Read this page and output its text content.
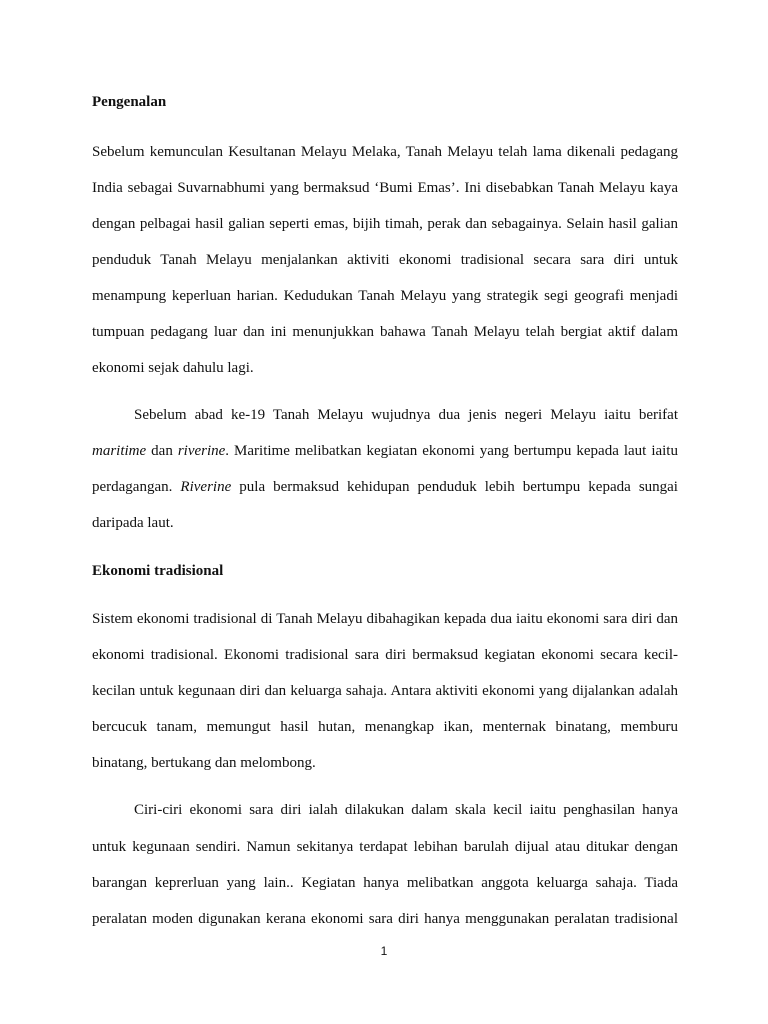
Pengenalan

Sebelum kemunculan Kesultanan Melayu Melaka, Tanah Melayu telah lama dikenali pedagang

India sebagai Suvarnabhumi yang bermaksud ‘Bumi Emas’. Ini disebabkan Tanah Melayu kaya

dengan pelbagai hasil galian seperti emas, bijih timah, perak dan sebagainya. Selain hasil galian

penduduk Tanah Melayu menjalankan aktiviti ekonomi tradisional secara sara diri untuk

menampung keperluan harian. Kedudukan Tanah Melayu yang strategik segi geografi menjadi

tumpuan pedagang luar dan ini menunjukkan bahawa Tanah Melayu telah bergiat aktif dalam

ekonomi sejak dahulu lagi.

Sebelum abad ke-19 Tanah Melayu wujudnya dua jenis negeri Melayu iaitu berifat

maritime dan riverine. Maritime melibatkan kegiatan ekonomi yang bertumpu kepada laut iaitu

perdagangan. Riverine pula bermaksud kehidupan penduduk lebih bertumpu kepada sungai

daripada laut.

Ekonomi tradisional

Sistem ekonomi tradisional di Tanah Melayu dibahagikan kepada dua iaitu ekonomi sara diri dan

ekonomi tradisional. Ekonomi tradisional sara diri bermaksud kegiatan ekonomi secara kecil-

kecilan untuk kegunaan diri dan keluarga sahaja. Antara aktiviti ekonomi yang dijalankan adalah

bercucuk tanam, memungut hasil hutan, menangkap ikan, menternak binatang, memburu

binatang, bertukang dan melombong.

Ciri-ciri ekonomi sara diri ialah dilakukan dalam skala kecil iaitu penghasilan hanya

untuk kegunaan sendiri. Namun sekitanya terdapat lebihan barulah dijual atau ditukar dengan

barangan keprerluan yang lain.. Kegiatan hanya melibatkan anggota keluarga sahaja. Tiada

peralatan moden digunakan kerana ekonomi sara diri hanya menggunakan peralatan tradisional

1
